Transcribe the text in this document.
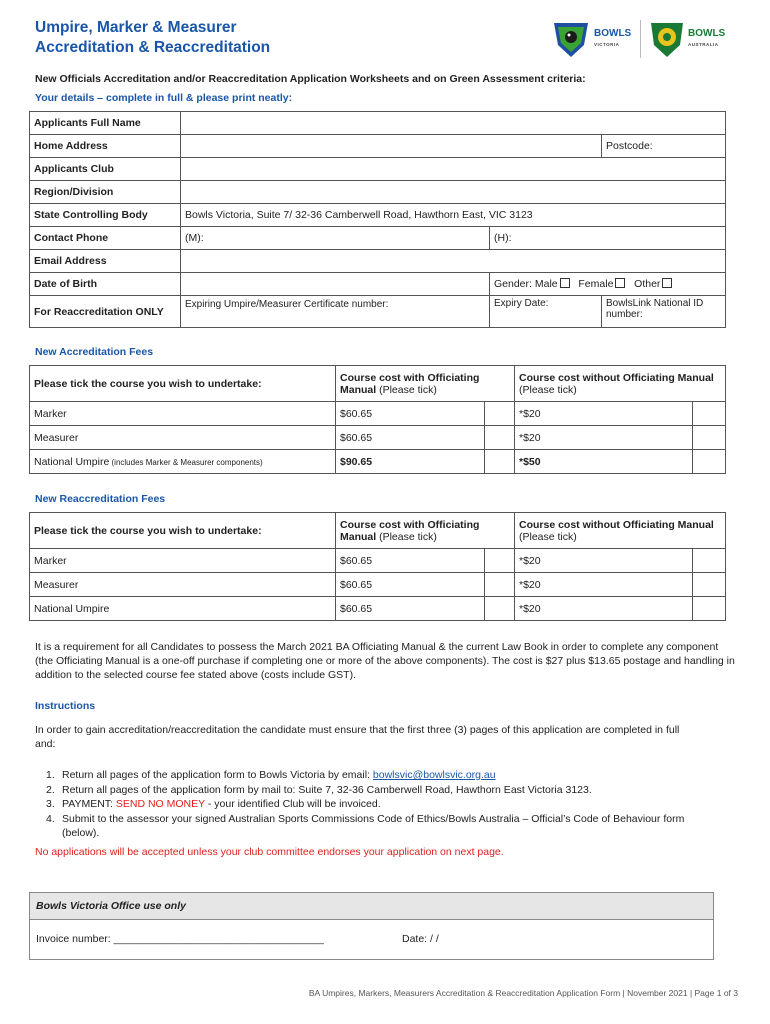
Umpire, Marker & Measurer
Accreditation & Reaccreditation
BOWLS
VICTORIA
BOWLS
AUSTRALIA
New Officials Accreditation and/or Reaccreditation Application Worksheets and on Green Assessment criteria:
Your details – complete in full & please print neatly:
Applicants Full Name			
Home Address			Postcode:
Applicants Club			
Region/Division			
State Controlling Body	Bowls Victoria, Suite 7/ 32-36 Camberwell Road, Hawthorn East, VIC 3123		
Contact Phone	(M):	(H):	
Email Address			
Date of Birth		Gender: Male Female Other	
For Reaccreditation ONLY	Expiring Umpire/Measurer Certificate number:	Expiry Date:	BowlsLink National ID number:
New Accreditation Fees
Please tick the course you wish to undertake:	Course cost with Officiating Manual (Please tick)		Course cost without Officiating Manual (Please tick)	
Marker	$60.65		*$20	
Measurer	$60.65		*$20	
National Umpire (includes Marker & Measurer components)	$90.65		*$50	
New Reaccreditation Fees
Please tick the course you wish to undertake:	Course cost with Officiating Manual (Please tick)		Course cost without Officiating Manual (Please tick)	
Marker	$60.65		*$20	
Measurer	$60.65		*$20	
National Umpire	$60.65		*$20	
It is a requirement for all Candidates to possess the March 2021 BA Officiating Manual & the current Law Book in order to complete any component (the Officiating Manual is a one-off purchase if completing one or more of the above components). The cost is $27 plus $13.65 postage and handling in addition to the selected course fee stated above (costs include GST).
Instructions
In order to gain accreditation/reaccreditation the candidate must ensure that the first three (3) pages of this application are completed in full and:
1. Return all pages of the application form to Bowls Victoria by email: bowlsvic@bowlsvic.org.au
2. Return all pages of the application form by mail to: Suite 7, 32-36 Camberwell Road, Hawthorn East Victoria 3123.
3. PAYMENT: SEND NO MONEY - your identified Club will be invoiced.
4. Submit to the assessor your signed Australian Sports Commissions Code of Ethics/Bowls Australia – Official’s Code of Behaviour form (below).
No applications will be accepted unless your club committee endorses your application on next page.
Bowls Victoria Office use only
Invoice number: ____________________________________	Date: / /
BA Umpires, Markers, Measurers Accreditation & Reaccreditation Application Form | November 2021 | Page 1 of 3
